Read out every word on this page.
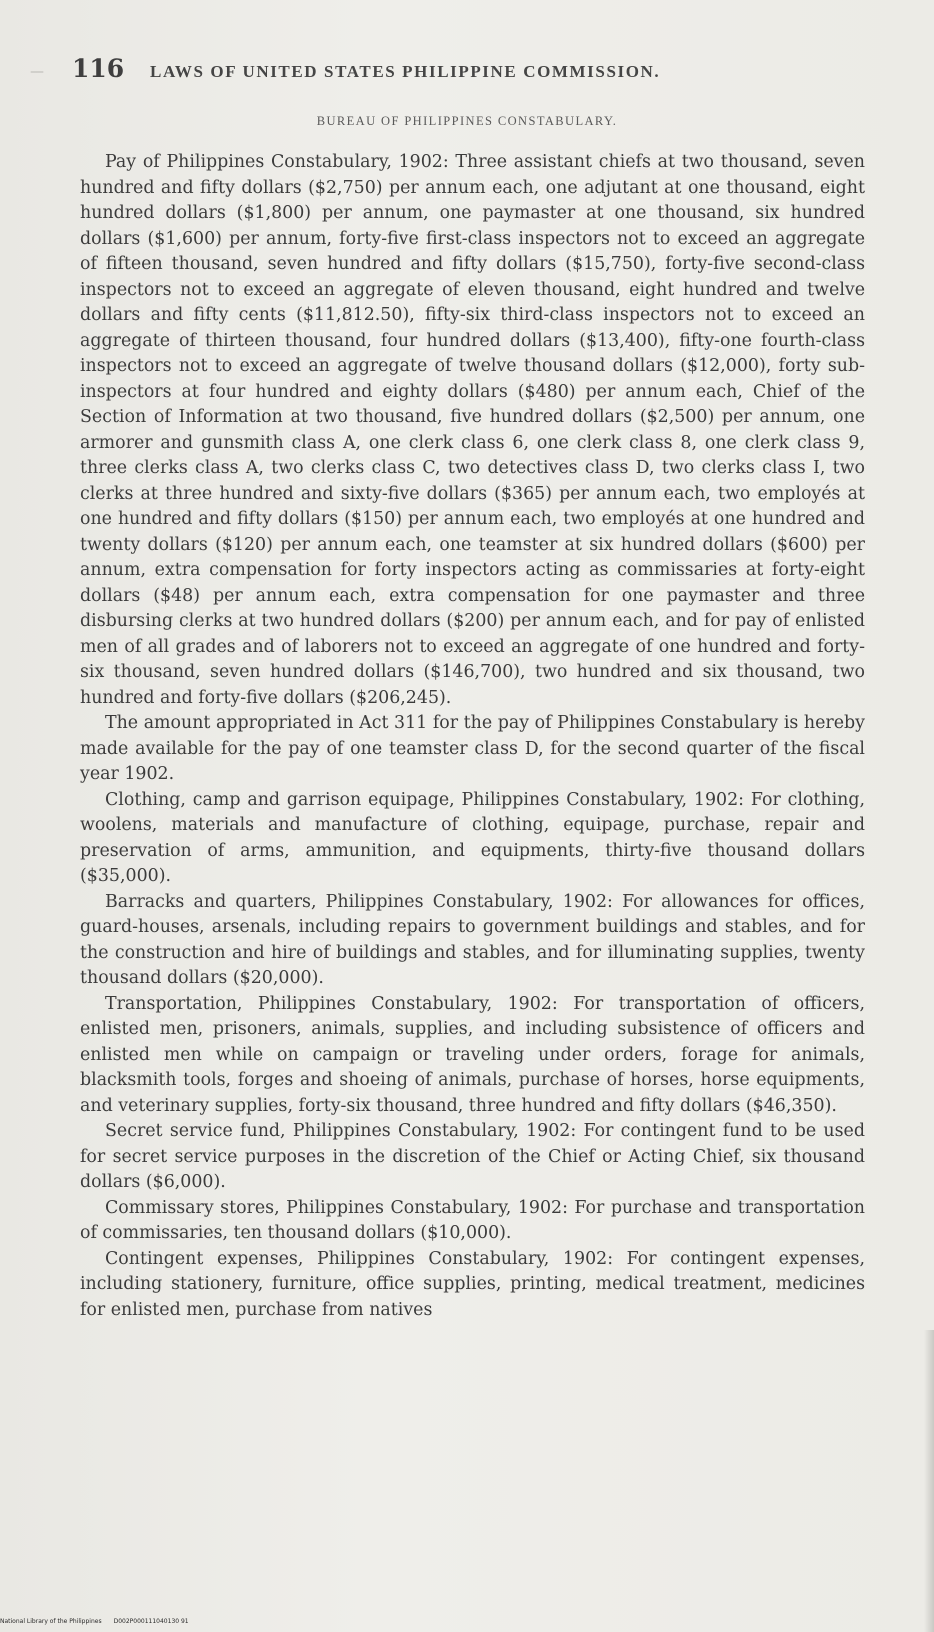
— 116	LAWS OF UNITED STATES PHILIPPINE COMMISSION.
BUREAU OF PHILIPPINES CONSTABULARY.

Pay of Philippines Constabulary, 1902: Three assistant chiefs at two thousand, seven hundred and fifty dollars ($2,750) per annum each, one adjutant at one thousand, eight hundred dollars ($1,800) per annum, one paymaster at one thousand, six hundred dollars ($1,600) per annum, forty-five first-class inspectors not to exceed an aggregate of fifteen thousand, seven hundred and fifty dollars ($15,750), forty-five second-class inspectors not to exceed an aggregate of eleven thousand, eight hundred and twelve dollars and fifty cents ($11,812.50), fifty-six third-class inspectors not to exceed an aggregate of thirteen thousand, four hundred dollars ($13,400), fifty-one fourth-class inspectors not to exceed an aggregate of twelve thousand dollars ($12,000), forty sub-inspectors at four hundred and eighty dollars ($480) per annum each, Chief of the Section of Information at two thousand, five hundred dollars ($2,500) per annum, one armorer and gunsmith class A, one clerk class 6, one clerk class 8, one clerk class 9, three clerks class A, two clerks class C, two detectives class D, two clerks class I, two clerks at three hundred and sixty-five dollars ($365) per annum each, two employés at one hundred and fifty dollars ($150) per annum each, two employés at one hundred and twenty dollars ($120) per annum each, one teamster at six hundred dollars ($600) per annum, extra compensation for forty inspectors acting as commissaries at forty-eight dollars ($48) per annum each, extra compensation for one paymaster and three disbursing clerks at two hundred dollars ($200) per annum each, and for pay of enlisted men of all grades and of laborers not to exceed an aggregate of one hundred and forty-six thousand, seven hundred dollars ($146,700), two hundred and six thousand, two hundred and forty-five dollars ($206,245).

The amount appropriated in Act 311 for the pay of Philippines Constabulary is hereby made available for the pay of one teamster class D, for the second quarter of the fiscal year 1902.

Clothing, camp and garrison equipage, Philippines Constabulary, 1902: For clothing, woolens, materials and manufacture of clothing, equipage, purchase, repair and preservation of arms, ammunition, and equipments, thirty-five thousand dollars ($35,000).

Barracks and quarters, Philippines Constabulary, 1902: For allowances for offices, guard-houses, arsenals, including repairs to government buildings and stables, and for the construction and hire of buildings and stables, and for illuminating supplies, twenty thousand dollars ($20,000).

Transportation, Philippines Constabulary, 1902: For transportation of officers, enlisted men, prisoners, animals, supplies, and including subsistence of officers and enlisted men while on campaign or traveling under orders, forage for animals, blacksmith tools, forges and shoeing of animals, purchase of horses, horse equipments, and veterinary supplies, forty-six thousand, three hundred and fifty dollars ($46,350).

Secret service fund, Philippines Constabulary, 1902: For contingent fund to be used for secret service purposes in the discretion of the Chief or Acting Chief, six thousand dollars ($6,000).

Commissary stores, Philippines Constabulary, 1902: For purchase and transportation of commissaries, ten thousand dollars ($10,000).

Contingent expenses, Philippines Constabulary, 1902: For contingent expenses, including stationery, furniture, office supplies, printing, medical treatment, medicines for enlisted men, purchase from natives

National Library of the Philippines D002P000111040130 91
